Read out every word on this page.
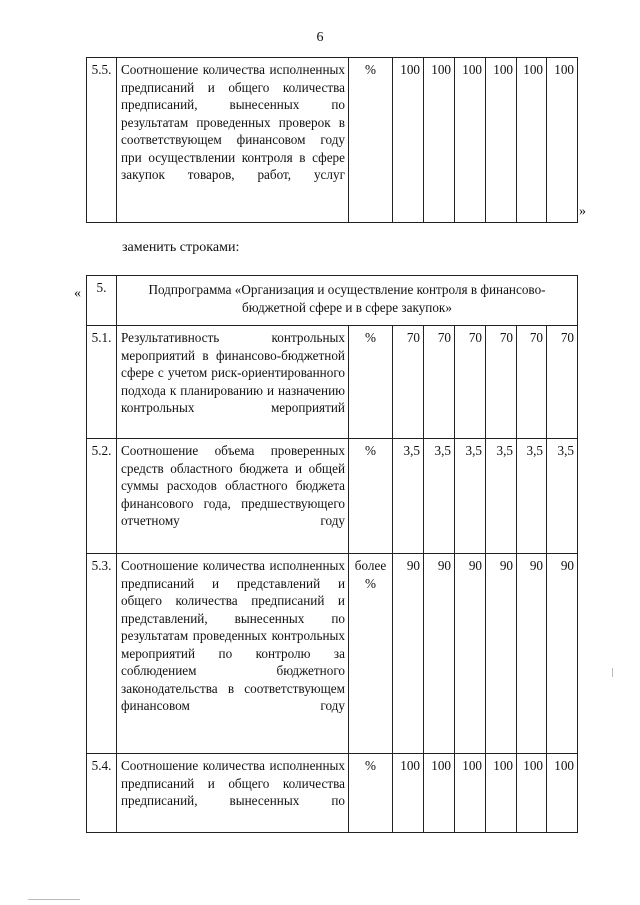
6
5.5.	Соотношение количества исполненных предписаний и общего количества предписаний, вынесенных по результатам проведенных проверок в соответствующем финансовом году при осуществлении контроля в сфере закупок товаров, работ, услуг	%	100	100	100	100	100	100
»
заменить строками:
« 5.	Подпрограмма «Организация и осуществление контроля в финансово-бюджетной сфере и в сфере закупок»							
5.1.	Результативность контрольных мероприятий в финансово-бюджетной сфере с учетом риск-ориентированного подхода к планированию и назначению контрольных мероприятий	%	70	70	70	70	70	70
5.2.	Соотношение объема проверенных средств областного бюджета и общей суммы расходов областного бюджета финансового года, предшествующего отчетному году	%	3,5	3,5	3,5	3,5	3,5	3,5
5.3.	Соотношение количества исполненных предписаний и представлений и общего количества предписаний и представлений, вынесенных по результатам проведенных контрольных мероприятий по контролю за соблюдением бюджетного законодательства в соответствующем финансовом году	более %	90	90	90	90	90	90
5.4.	Соотношение количества исполненных предписаний и общего количества предписаний, вынесенных по	%	100	100	100	100	100	100
